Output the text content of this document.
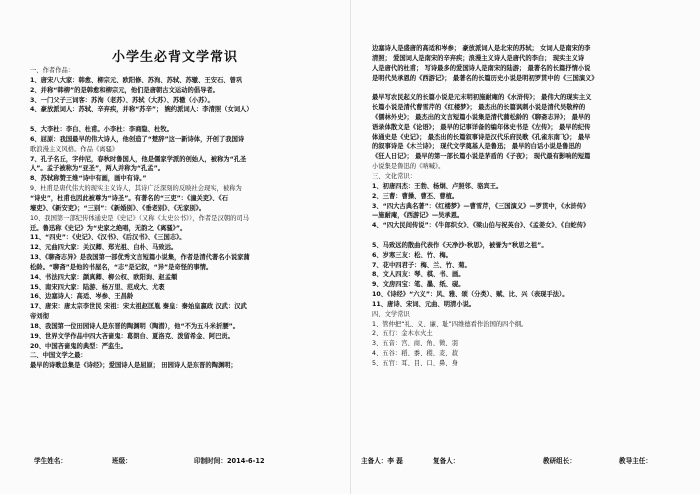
小学生必背文学常识
一、作者作品：
1、唐宋八大家：韩愈、柳宗元、欧阳修、苏洵、苏轼、苏辙、王安石、曾巩
2、并称“韩柳”的是韩愈和柳宗元，他们是唐朝古文运动的倡导者。
3、一门父子三词客：苏洵（老苏）、苏轼（大苏）、苏辙（小苏）。
4、豪放派词人：苏轼、辛弃疾，并称“苏辛”； 婉约派词人：李清照（女词人）
5、大李杜：李白、杜甫。小李杜：李商隐、杜牧。
6、屈原：我国最早的伟大诗人，他创造了“楚辞”这一新诗体，开创了我国诗
歌浪漫主义风格。作品《离骚》
7、孔子名丘，字仲尼，春秋时鲁国人，他是儒家学派的创始人，被称为“孔圣
人”。孟子被称为“亚圣”，两人并称为“孔孟”。
8、苏轼称赞王维“诗中有画，画中有诗。”
9、杜甫是唐代伟大的现实主义诗人，其诗广泛深刻的反映社会现实，被称为
“诗史”，杜甫也因此被尊为“诗圣”。有著名的“三吏”：《潼关吏》、《石
壕吏》、《新安吏》；“三别”：《新婚别》、《垂老别》、《无家别》。
10、我国第一部纪传体通史是《史记》（又称《太史公书》），作者是汉朝的司马
迁。鲁迅称《史记》为“史家之绝唱，无韵之《离骚》”。
11、“四史”：《史记》、《汉书》、《后汉书》、《三国志》。
12、元曲四大家：关汉卿、郑光祖、白朴、马致远。
13、《聊斋志异》是我国第一部优秀文言短篇小说集，作者是清代著名小说家蒲
松龄。“聊斋”是他的书屋名，“志”是记叙，“异”是奇怪的事情。
14、书法四大家：颜真卿、柳公权、欧阳询、赵孟頫
15、南宋四大家：陆游、杨万里、范成大、尤袤
16、边塞诗人：高适、岑参、王昌龄
17、唐宋：唐太宗李世民 宋祖：宋太祖赵匡胤 秦皇：秦始皇嬴政 汉武：汉武
帝刘彻
18、我国第一位田园诗人是东晋的陶渊明（陶潜），他“不为五斗米折腰”。
19、世界文学作品中四大吝啬鬼：葛朗台、夏洛克、泼留希金、阿巴贡。
20、中国吝啬鬼的典型：严监生。
二、中国文学之最：
最早的诗歌总集是《诗经》；爱国诗人是屈原； 田园诗人是东晋的陶渊明；
学生姓名：	班级：	印制时间：2014-6-12	主备人：李 磊	复备人：	教研组长：	教导主任：
边塞诗人是盛唐的高适和岑参； 豪放派词人是北宋的苏轼； 女词人是南宋的李
清照； 爱国词人是南宋的辛弃疾；浪漫主义诗人是唐代的李白； 现实主义诗
人是唐代的杜甫； 写诗最多的爱国诗人是南宋的陆游； 最著名的长篇抒情小说
是明代吴承恩的《西游记》； 最著名的长篇历史小说是明初罗贯中的《三国演义》
最早写农民起义的长篇小说是元末明初施耐庵的《水浒传》； 最伟大的现实主义
长篇小说是清代曹雪芹的《红楼梦》； 最杰出的长篇讽刺小说是清代吴敬梓的
《儒林外史》； 最杰出的文言短篇小说集是清代蒲松龄的《聊斋志异》； 最早的
语录体散文是《论语》； 最早的记事详备的编年体史书是《左传》； 最早的纪传
体通史是《史记》； 最杰出的长篇叙事诗是汉代乐府民歌《孔雀东南飞》； 最早
的叙事诗是《木兰诗》； 现代文学奠基人是鲁迅； 最早的白话小说是鲁迅的
《狂人日记》； 最早的第一部长篇小说是茅盾的《子夜》； 现代最有影响的短篇
小说集是鲁迅的《呐喊》。
三、文化常识：
1、初唐四杰：王勃、杨炯、卢照邻、骆宾王。
2、三曹：曹操、曹丕、曹植。
3、“四大古典名著”：《红楼梦》—曹雪芹，《三国演义》—罗贯中，《水浒传》
—施耐庵，《西游记》—吴承恩。
4、“四大民间传说”：《牛郎织女》、《梁山伯与祝英台》、《孟姜女》、《白蛇传》
5、马致远的散曲代表作《天净沙·秋思》，被誉为“秋思之祖”。
6、岁寒三友：松、竹、梅。
7、花中四君子：梅、兰、竹、菊。
8、文人四友：琴、棋、书、画。
9、文房四宝：笔、墨、纸、砚。
10、《诗经》“六义”：风、雅、颂（分类）、赋、比、兴（表现手法）。
11、唐诗、宋词、元曲、明清小说。
四、文学常识
1、管仲把“礼、义、廉、耻”四维德看作治国的四个纲。
2、五行：金木水火土
3、五音：宫、商、角、徵、羽
4、五谷：稻、黍、稷、麦、菽
5、五官：耳、目、口、鼻、身
